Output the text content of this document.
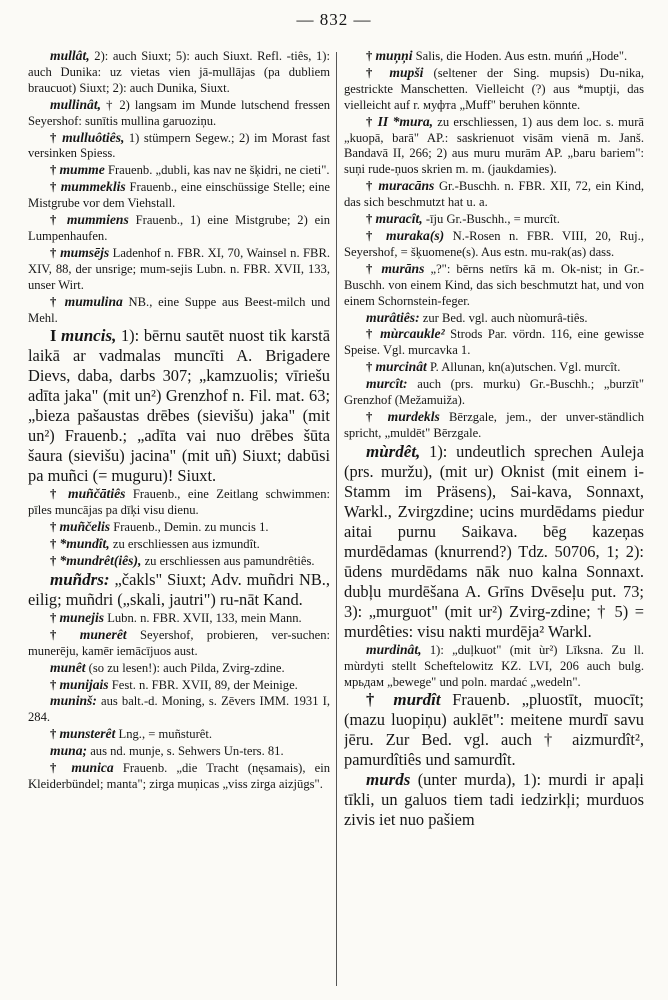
— 832 —

mullât, 2): auch Siuxt; 5): auch Siuxt. Refl. -tiês, 1): auch Dunika: uz vietas vien jā-mullājas (pa dubliem braucuot) Siuxt; 2): auch Dunika, Siuxt.

mullinât, † 2) langsam im Munde lutschend fressen Seyershof: sunītis mullina garuoziņu.

† mulluôtiês, 1) stümpern Segew.; 2) im Morast fast versinken Spiess.

† mumme Frauenb. „dubli, kas nav ne šķidri, ne cieti".

† mummeklis Frauenb., eine einschüssige Stelle; eine Mistgrube vor dem Viehstall.

† mummiens Frauenb., 1) eine Mistgrube; 2) ein Lumpenhaufen.

† mumsējs Ladenhof n. FBR. XI, 70, Wainsel n. FBR. XIV, 88, der unsrige; mum-sejis Lubn. n. FBR. XVII, 133, unser Wirt.

† mumulina NB., eine Suppe aus Beest-milch und Mehl.

I muncis, 1): bērnu sautēt nuost tik karstā laikā ar vadmalas muncīti A. Brigadere Dievs, daba, darbs 307; „kamzuolis; vīriešu adīta jaka" (mit un²) Grenzhof n. Fil. mat. 63; „bieza pašaustas drēbes (sievišu) jaka" (mit un²) Frauenb.; „adīta vai nuo drēbes šūta šaura (sievišu) jacina" (mit uñ) Siuxt; dabūsi pa muñci (= muguru)! Siuxt.

† muñčātiês Frauenb., eine Zeitlang schwimmen: pīles muncājas pa dīķi visu dienu.

† muñčelis Frauenb., Demin. zu muncis 1.

† *mundît, zu erschliessen aus izmundît.

† *mundrêt(iês), zu erschliessen aus pamundrêtiês.

muñdrs: „čakls" Siuxt; Adv. muñdri NB., eilig; muñdri („skali, jautri") ru-nāt Kand.

† munejis Lubn. n. FBR. XVII, 133, mein Mann.

† munerêt Seyershof, probieren, ver-suchen: munerēju, kamēr iemācījuos aust.

munêt (so zu lesen!): auch Pilda, Zvirg-zdine.

† munijais Fest. n. FBR. XVII, 89, der Meinige.

muninš: aus balt.-d. Moning, s. Zēvers IMM. 1931 I, 284.

† munsterêt Lng., = muñsturêt.

muna; aus nd. munje, s. Sehwers Un-ters. 81.

† munica Frauenb. „die Tracht (nęsamais), ein Kleiderbündel; manta"; zirga muņicas „viss zirga aizjūgs".

† muņņi Salis, die Hoden. Aus estn. muńń „Hode".

† mupši (seltener der Sing. mupsis) Du-nika, gestrickte Manschetten. Vielleicht (?) aus *muptji, das vielleicht auf r. муфта „Muff" beruhen könnte.

† II *mura, zu erschliessen, 1) aus dem loc. s. murā „kuopā, barā" AP.: saskrienuot visām vienā m. Janš. Bandavā II, 266; 2) aus muru murām AP. „baru bariem": suņi rude-ņuos skrien m. m. (jaukdamies).

† muracāns Gr.-Buschh. n. FBR. XII, 72, ein Kind, das sich beschmutzt hat u. a.

† muracît, -īju Gr.-Buschh., = murcît.

† muraka(s) N.-Rosen n. FBR. VIII, 20, Ruj., Seyershof, = šķuomene(s). Aus estn. mu-rak(as) dass.

† murāns „?": bērns netīrs kā m. Ok-nist; in Gr.-Buschh. von einem Kind, das sich beschmutzt hat, und von einem Schornstein-feger.

murâtiês: zur Bed. vgl. auch nùomurâ-tiês.

† mùrcaukle² Strods Par. vördn. 116, eine gewisse Speise. Vgl. murcavka 1.

† murcinât P. Allunan, kn(a)utschen. Vgl. murcît.

murcît: auch (prs. murku) Gr.-Buschh.; „burzīt" Grenzhof (Mežamuiža).

† murdekls Bērzgale, jem., der unver-ständlich spricht, „muldēt" Bērzgale.

mùrdêt, 1): undeutlich sprechen Auleja (prs. muržu), (mit ur) Oknist (mit einem i-Stamm im Präsens), Sai-kava, Sonnaxt, Warkl., Zvirgzdine; ucins murdēdams piedur aitai purnu Saikava. bēg kazeņas murdēdamas (knurrend?) Tdz. 50706, 1; 2): ūdens murdēdams nāk nuo kalna Sonnaxt. dubļu murdēšana A. Grīns Dvēseļu put. 73; 3): „murguot" (mit ur²) Zvirg-zdine; † 5) = murdêties: visu nakti murdēja² Warkl.

murdinât, 1): „duļkuot" (mit ùr²) Līksna. Zu ll. mùrdyti stellt Scheftelowitz KZ. LVI, 206 auch bulg. мрьдам „bewege" und poln. mardać „wedeln".

† murdît Frauenb. „pluostīt, muocīt; (mazu luopiņu) auklēt": meitene murdī savu jēru. Zur Bed. vgl. auch † aizmurdît², pamurdîtiês und samurdît.

murds (unter murda), 1): murdi ir apaļi tīkli, un galuos tiem tadi iedzirkļi; murduos zivis iet nuo pašiem
